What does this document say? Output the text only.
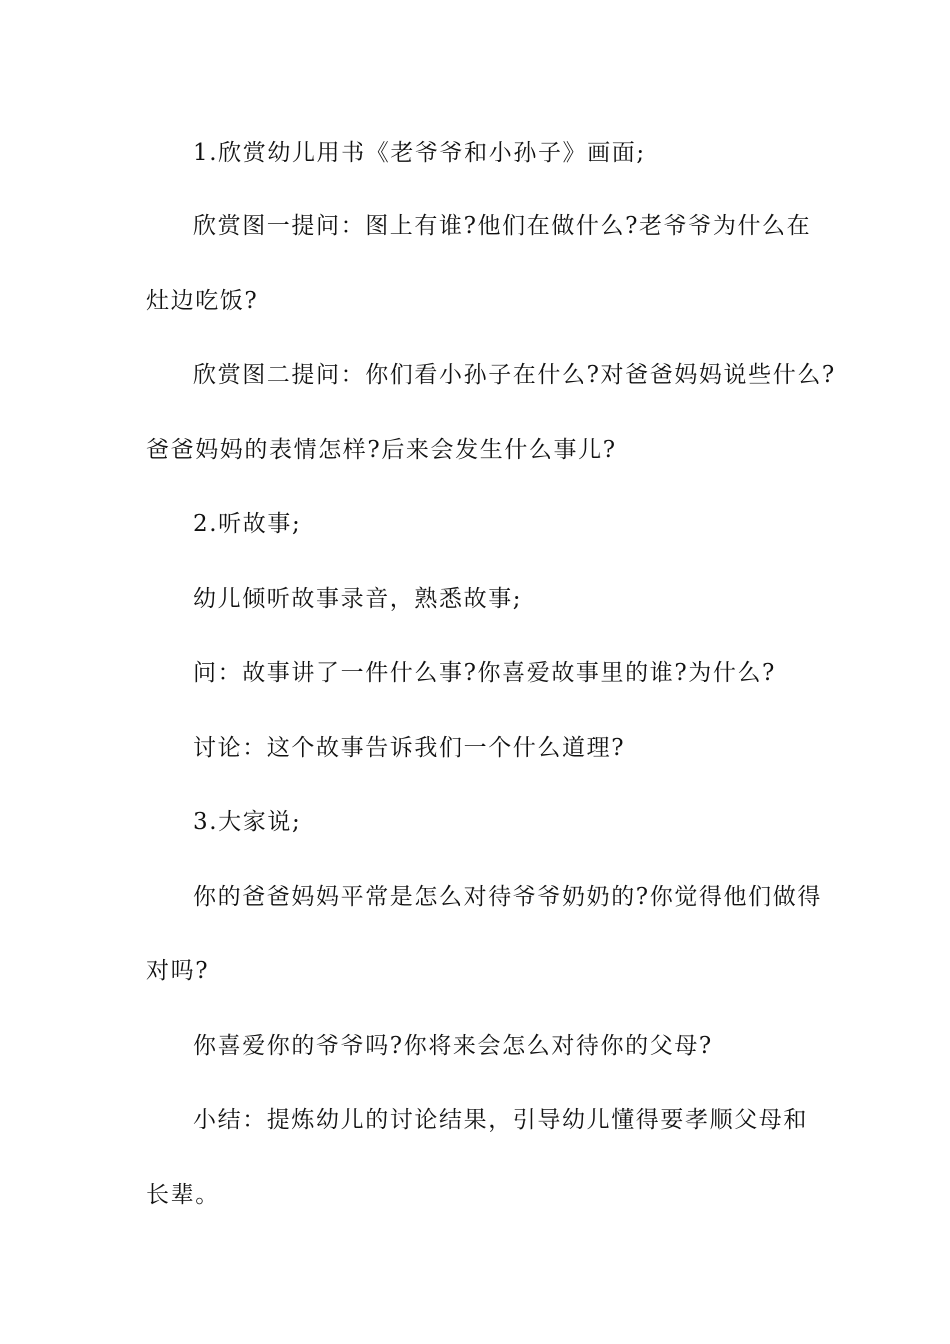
1.欣赏幼儿用书《老爷爷和小孙子》画面;
欣赏图一提问：图上有谁?他们在做什么?老爷爷为什么在
灶边吃饭?
欣赏图二提问：你们看小孙子在什么?对爸爸妈妈说些什么?
爸爸妈妈的表情怎样?后来会发生什么事儿?
2.听故事;
幼儿倾听故事录音，熟悉故事;
问：故事讲了一件什么事?你喜爱故事里的谁?为什么?
讨论：这个故事告诉我们一个什么道理?
3.大家说;
你的爸爸妈妈平常是怎么对待爷爷奶奶的?你觉得他们做得
对吗?
你喜爱你的爷爷吗?你将来会怎么对待你的父母?
小结：提炼幼儿的讨论结果，引导幼儿懂得要孝顺父母和
长辈。
